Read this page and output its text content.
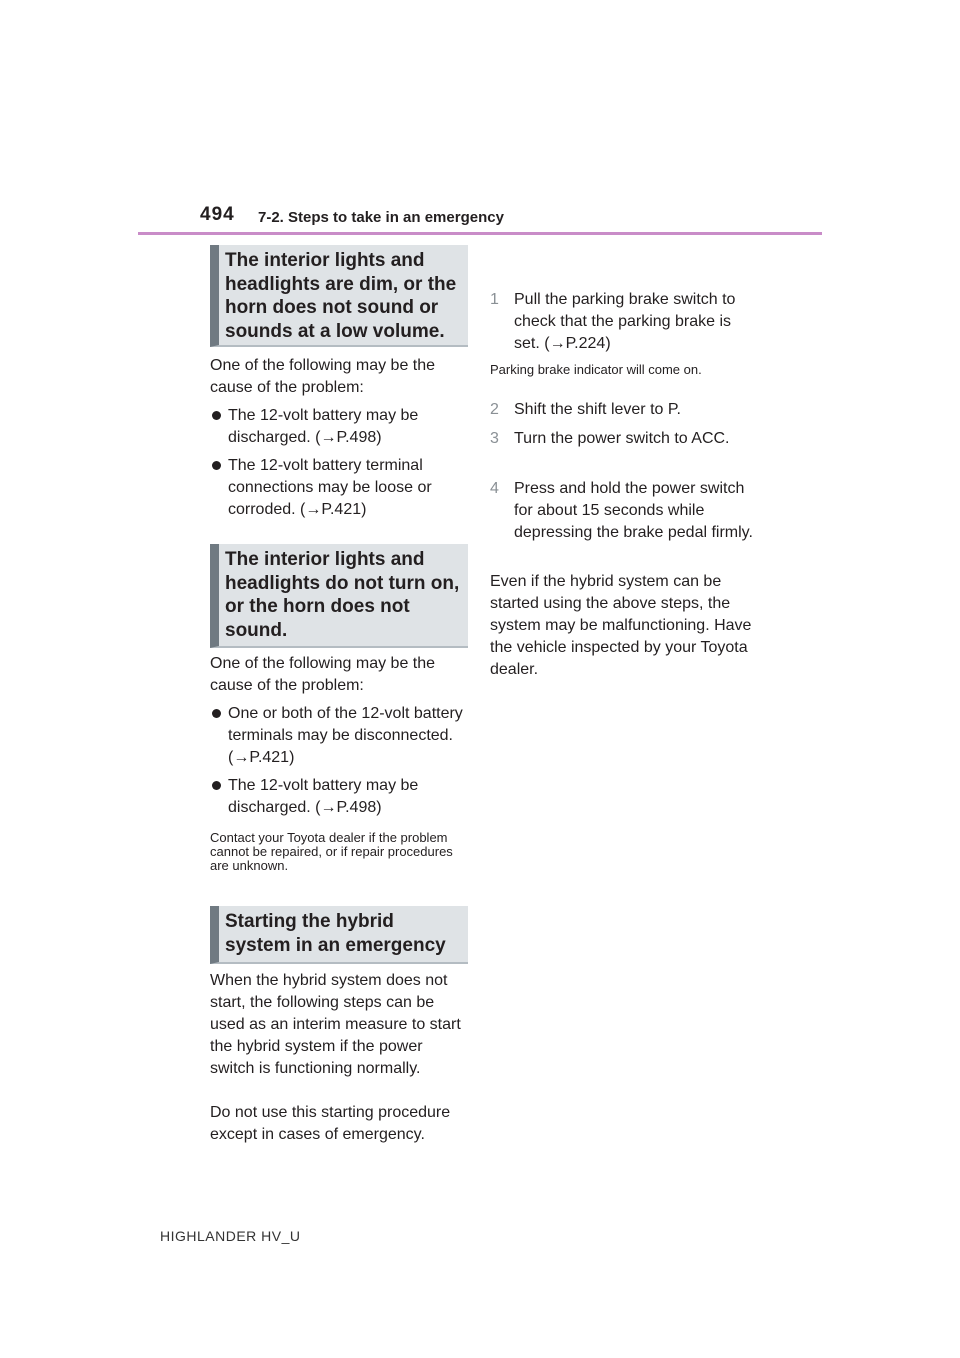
494 7-2. Steps to take in an emergency
The interior lights and headlights are dim, or the horn does not sound or sounds at a low volume.

One of the following may be the cause of the problem:

The 12-volt battery may be discharged. (→P.498)
The 12-volt battery terminal connections may be loose or corroded. (→P.421)
The interior lights and headlights do not turn on, or the horn does not sound.

One of the following may be the cause of the problem:

One or both of the 12-volt battery terminals may be disconnected. (→P.421)
The 12-volt battery may be discharged. (→P.498)

Contact your Toyota dealer if the problem cannot be repaired, or if repair procedures are unknown.

Starting the hybrid system in an emergency

When the hybrid system does not start, the following steps can be used as an interim measure to start the hybrid system if the power switch is functioning normally.

Do not use this starting procedure except in cases of emergency.

1 Pull the parking brake switch to check that the parking brake is set. (→P.224)

Parking brake indicator will come on.

2 Shift the shift lever to P.
3 Turn the power switch to ACC.
4 Press and hold the power switch for about 15 seconds while depressing the brake pedal firmly.

Even if the hybrid system can be started using the above steps, the system may be malfunctioning. Have the vehicle inspected by your Toyota dealer.

HIGHLANDER HV_U
